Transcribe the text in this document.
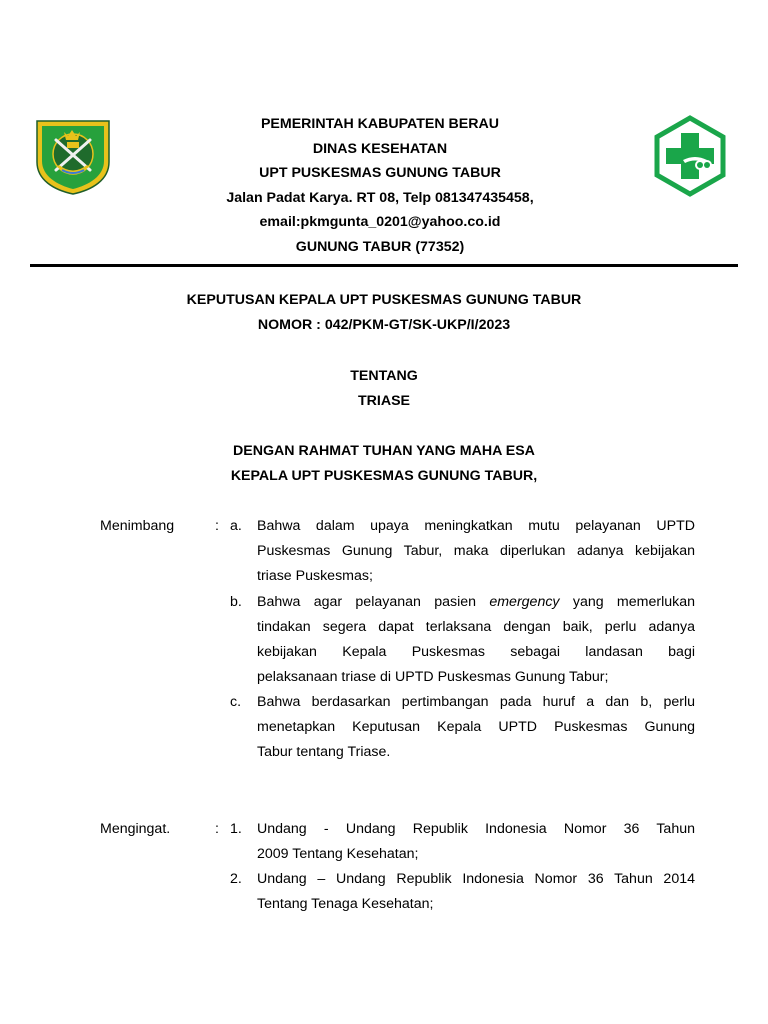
PEMERINTAH KABUPATEN BERAU
DINAS KESEHATAN
UPT PUSKESMAS GUNUNG TABUR
Jalan Padat Karya. RT 08, Telp 081347435458,
email:pkmgunta_0201@yahoo.co.id
GUNUNG TABUR (77352)
KEPUTUSAN KEPALA UPT PUSKESMAS GUNUNG TABUR
NOMOR : 042/PKM-GT/SK-UKP/I/2023
TENTANG
TRIASE
DENGAN RAHMAT TUHAN YANG MAHA ESA
KEPALA UPT PUSKESMAS GUNUNG TABUR,
Menimbang	: a. Bahwa dalam upaya meningkatkan mutu pelayanan UPTD
Puskesmas Gunung Tabur, maka diperlukan adanya kebijakan
triase Puskesmas;
b. Bahwa agar pelayanan pasien emergency yang memerlukan
tindakan segera dapat terlaksana dengan baik, perlu adanya
kebijakan Kepala Puskesmas sebagai landasan bagi
pelaksanaan triase di UPTD Puskesmas Gunung Tabur;
c. Bahwa berdasarkan pertimbangan pada huruf a dan b, perlu
menetapkan Keputusan Kepala UPTD Puskesmas Gunung
Tabur tentang Triase.
Mengingat.	: 1. Undang - Undang Republik Indonesia Nomor 36 Tahun
2009 Tentang Kesehatan;
2. Undang – Undang Republik Indonesia Nomor 36 Tahun 2014
Tentang Tenaga Kesehatan;
